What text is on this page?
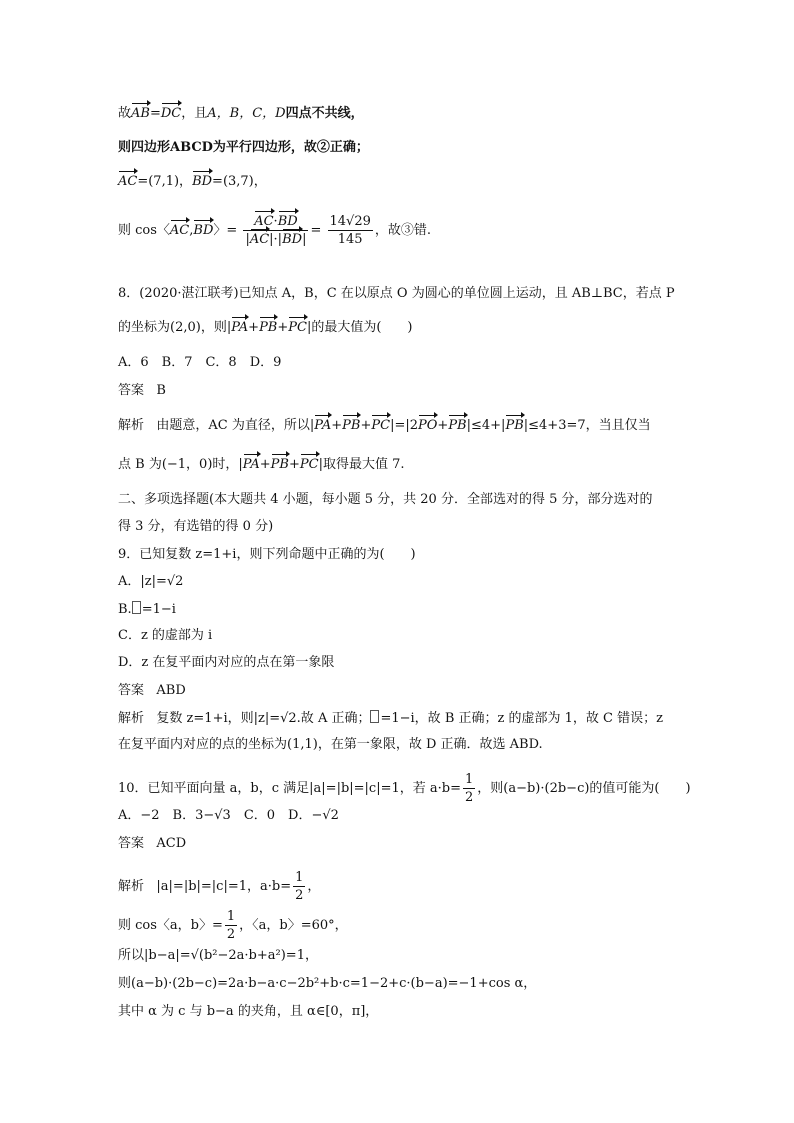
故AB=DC，且A，B，C，D四点不共线，
则四边形ABCD为平行四边形，故②正确；
AC=(7,1)，BD=(3,7)，
则 cos〈AC,BD〉= $\frac{AC\cdot BD}{|AC|\cdot|BD|} = \frac{14√29}{145}$ ，故③错.
8．(2020·湛江联考)已知点 A，B，C 在以原点 O 为圆心的单位圆上运动，且 AB⊥BC，若点 P
的坐标为(2,0)，则|PA+PB+PC|的最大值为(　　)
A．6　B．7　C．8　D．9
答案 B
解析 由题意，AC 为直径，所以|PA+PB+PC|=|2PO+PB|≤4+|PB|≤4+3=7，当且仅当
点 B 为(−1，0)时，|PA+PB+PC|取得最大值 7.
二、多项选择题(本大题共 4 小题，每小题 5 分，共 20 分．全部选对的得 5 分，部分选对的
得 3 分，有选错的得 0 分)
9．已知复数 z=1+i，则下列命题中正确的为(　　)
A．|z|=√2
B. =1−i
C．z 的虚部为 i
D．z 在复平面内对应的点在第一象限
答案 ABD
解析 复数 z=1+i，则|z|=√2.故 A 正确； =1−i，故 B 正确；z 的虚部为 1，故 C 错误；z
在复平面内对应的点的坐标为(1,1)，在第一象限，故 D 正确．故选 ABD.
10．已知平面向量 a，b，c 满足|a|=|b|=|c|=1，若 $a\cdot b= \frac{1}{2}$ ，则(a−b)·(2b−c)的值可能为(　　)
A．−2　B．3−√3　C．0　D．−√2
答案 ACD
解析 |a|=|b|=|c|=1，$a\cdot b= \frac{1}{2}$ ，
则 cos〈a，b〉= $\frac{1}{2}$ ，〈a，b〉=60°，
所以|b−a|=√(b²−2a·b+a²)=1，
则(a−b)·(2b−c)=2a·b−a·c−2b²+b·c=1−2+c·(b−a)=−1+cos α，
其中 α 为 c 与 b−a 的夹角，且 α∈[0，π]，
